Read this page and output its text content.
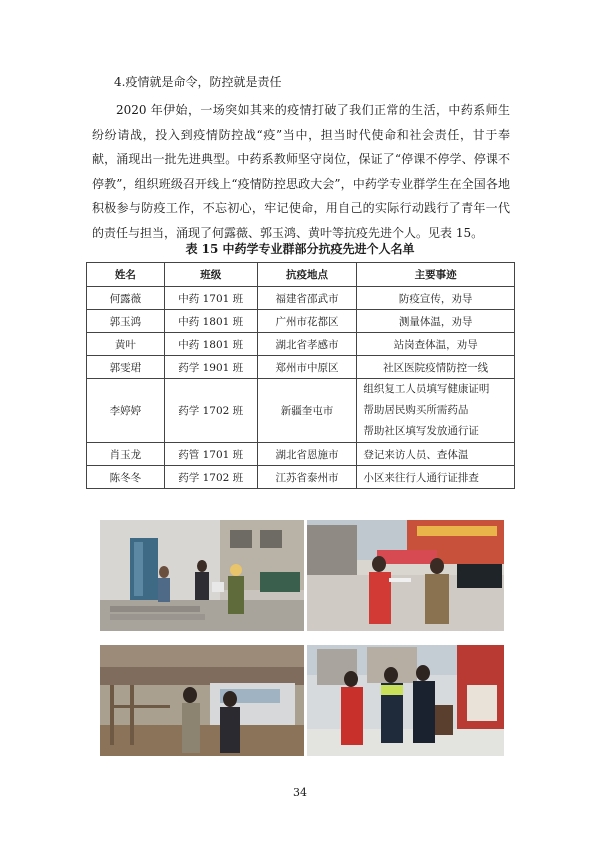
4.疫情就是命令，防控就是责任

2020 年伊始，一场突如其来的疫情打破了我们正常的生活，中药系师生纷纷请战，投入到疫情防控战“疫”当中，担当时代使命和社会责任，甘于奉献，涌现出一批先进典型。中药系教师坚守岗位，保证了“停课不停学、停课不停教”，组织班级召开线上“疫情防控思政大会”，中药学专业群学生在全国各地积极参与防疫工作，不忘初心，牢记使命，用自己的实际行动践行了青年一代的责任与担当，涌现了何露薇、郭玉鸿、黄叶等抗疫先进个人。见表 15。

表 15 中药学专业群部分抗疫先进个人名单
姓名	班级	抗疫地点	主要事迹
何露薇	中药 1701 班	福建省邵武市	防疫宣传，劝导
郭玉鸿	中药 1801 班	广州市花都区	测量体温，劝导
黄叶	中药 1801 班	湖北省孝感市	站岗查体温，劝导
郭雯珺	药学 1901 班	郑州市中原区	社区医院疫情防控一线
李婷婷	药学 1702 班	新疆奎屯市	组织复工人员填写健康证明
帮助居民购买所需药品
帮助社区填写发放通行证

肖玉龙	药管 1701 班	湖北省恩施市	登记来访人员、查体温
陈冬冬	药学 1702 班	江苏省泰州市	小区来往行人通行证排查
34
